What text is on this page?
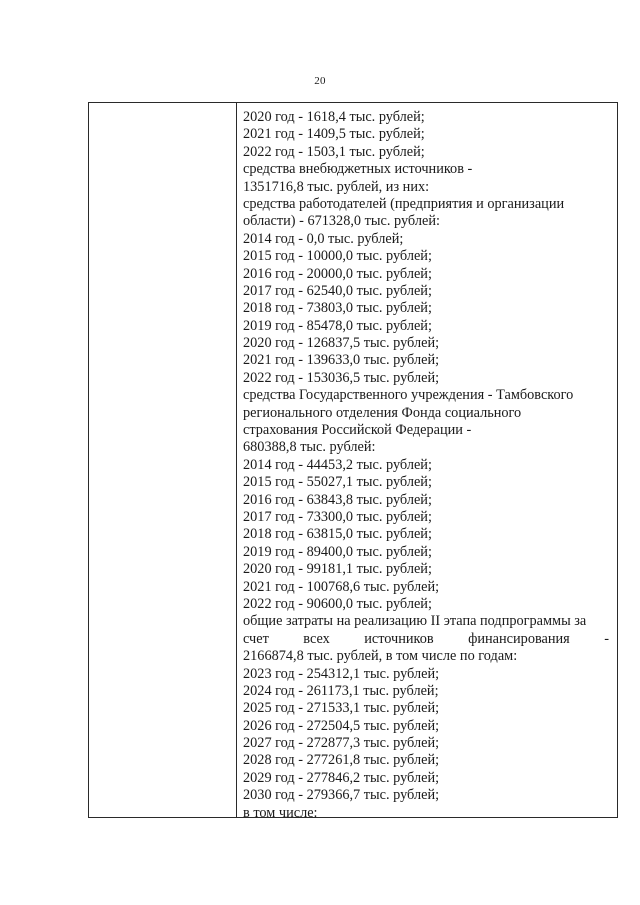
20
2020 год - 1618,4 тыс. рублей;
2021 год - 1409,5 тыс. рублей;
2022 год - 1503,1 тыс. рублей;
средства внебюджетных источников -
1351716,8 тыс. рублей, из них:
средства работодателей (предприятия и организации
области) - 671328,0 тыс. рублей:
2014 год - 0,0 тыс. рублей;
2015 год - 10000,0 тыс. рублей;
2016 год - 20000,0 тыс. рублей;
2017 год - 62540,0 тыс. рублей;
2018 год - 73803,0 тыс. рублей;
2019 год - 85478,0 тыс. рублей;
2020 год - 126837,5 тыс. рублей;
2021 год - 139633,0 тыс. рублей;
2022 год - 153036,5 тыс. рублей;
средства Государственного учреждения - Тамбовского
регионального отделения Фонда социального
страхования Российской Федерации -
680388,8 тыс. рублей:
2014 год - 44453,2 тыс. рублей;
2015 год - 55027,1 тыс. рублей;
2016 год - 63843,8 тыс. рублей;
2017 год - 73300,0 тыс. рублей;
2018 год - 63815,0 тыс. рублей;
2019 год - 89400,0 тыс. рублей;
2020 год - 99181,1 тыс. рублей;
2021 год - 100768,6 тыс. рублей;
2022 год - 90600,0 тыс. рублей;
общие затраты на реализацию II этапа подпрограммы за
счет всех источников финансирования -
2166874,8 тыс. рублей, в том числе по годам:
2023 год - 254312,1 тыс. рублей;
2024 год - 261173,1 тыс. рублей;
2025 год - 271533,1 тыс. рублей;
2026 год - 272504,5 тыс. рублей;
2027 год - 272877,3 тыс. рублей;
2028 год - 277261,8 тыс. рублей;
2029 год - 277846,2 тыс. рублей;
2030 год - 279366,7 тыс. рублей;
в том числе:
